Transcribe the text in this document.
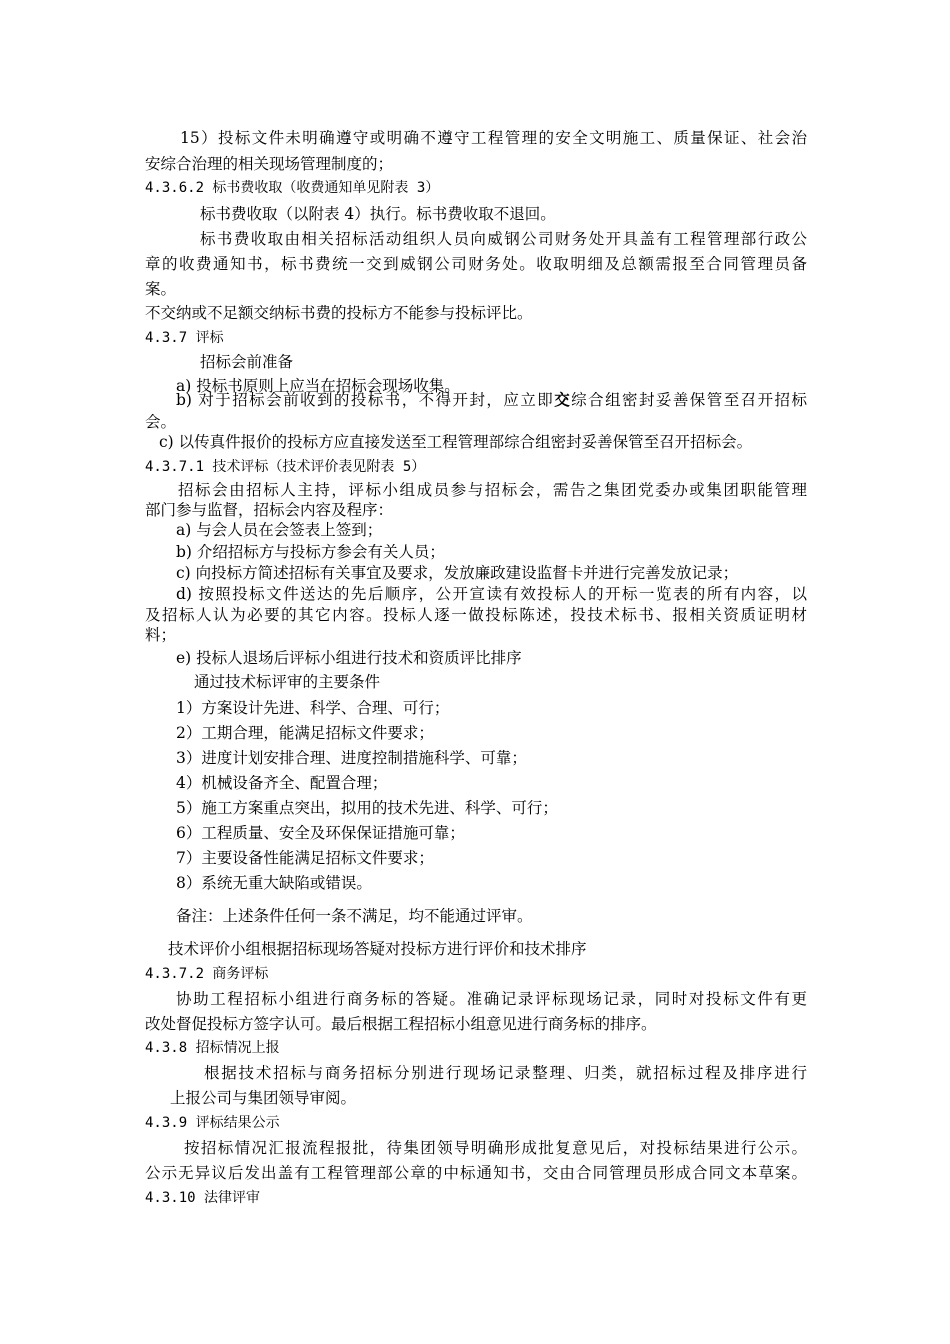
15）投标文件未明确遵守或明确不遵守工程管理的安全文明施工、质量保证、社会治
安综合治理的相关现场管理制度的；
4.3.6.2 标书费收取（收费通知单见附表 3）
标书费收取（以附表 4）执行。标书费收取不退回。
标书费收取由相关招标活动组织人员向威钢公司财务处开具盖有工程管理部行政公
章的收费通知书，标书费统一交到威钢公司财务处。收取明细及总额需报至合同管理员备
案。
不交纳或不足额交纳标书费的投标方不能参与投标评比。
4.3.7 评标
招标会前准备
a) 投标书原则上应当在招标会现场收集。
b) 对于招标会前收到的投标书，不得开封，应立即交综合组密封妥善保管至召开招标
会。
c) 以传真件报价的投标方应直接发送至工程管理部综合组密封妥善保管至召开招标会。
4.3.7.1 技术评标（技术评价表见附表 5）
招标会由招标人主持，评标小组成员参与招标会，需告之集团党委办或集团职能管理
部门参与监督，招标会内容及程序：
a) 与会人员在会签表上签到；
b) 介绍招标方与投标方参会有关人员；
c) 向投标方简述招标有关事宜及要求，发放廉政建设监督卡并进行完善发放记录；
d) 按照投标文件送达的先后顺序，公开宣读有效投标人的开标一览表的所有内容，以
及招标人认为必要的其它内容。投标人逐一做投标陈述，投技术标书、报相关资质证明材
料；
e) 投标人退场后评标小组进行技术和资质评比排序
通过技术标评审的主要条件
1）方案设计先进、科学、合理、可行；
2）工期合理，能满足招标文件要求；
3）进度计划安排合理、进度控制措施科学、可靠；
4）机械设备齐全、配置合理；
5）施工方案重点突出，拟用的技术先进、科学、可行；
6）工程质量、安全及环保保证措施可靠；
7）主要设备性能满足招标文件要求；
8）系统无重大缺陷或错误。
备注：上述条件任何一条不满足，均不能通过评审。
技术评价小组根据招标现场答疑对投标方进行评价和技术排序
4.3.7.2 商务评标
协助工程招标小组进行商务标的答疑。准确记录评标现场记录，同时对投标文件有更
改处督促投标方签字认可。最后根据工程招标小组意见进行商务标的排序。
4.3.8 招标情况上报
根据技术招标与商务招标分别进行现场记录整理、归类，就招标过程及排序进行
上报公司与集团领导审阅。
4.3.9 评标结果公示
按招标情况汇报流程报批，待集团领导明确形成批复意见后，对投标结果进行公示。
公示无异议后发出盖有工程管理部公章的中标通知书，交由合同管理员形成合同文本草案。
4.3.10 法律评审
